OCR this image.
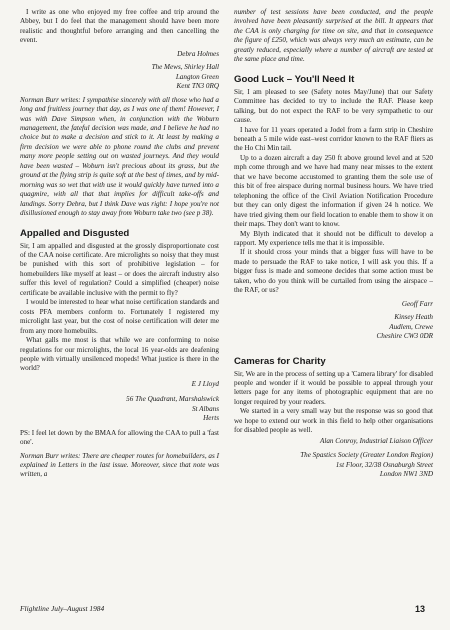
I write as one who enjoyed my free coffee and trip around the Abbey, but I do feel that the management should have been more realistic and thoughtful before arranging and then cancelling the event.

Debra Holmes

The Mews, Shirley Hall

Langton Green

Kent TN3 0RQ

Norman Burr writes: I sympathise sincerely with all those who had a long and fruitless journey that day, as I was one of them! However, I was with Dave Simpson when, in conjunction with the Woburn management, the fateful decision was made, and I believe he had no choice but to make a decision and stick to it. At least by making a firm decision we were able to phone round the clubs and prevent many more people setting out on wasted journeys. And they would have been wasted – Woburn isn't precious about its grass, but the ground at the flying strip is quite soft at the best of times, and by mid-morning was so wet that with use it would quickly have turned into a quagmire, with all that that implies for difficult take-offs and landings. Sorry Debra, but I think Dave was right: I hope you're not disillusioned enough to stay away from Woburn take two (see p 38).

Appalled and Disgusted

Sir, I am appalled and disgusted at the grossly disproportionate cost of the CAA noise certificate. Are microlights so noisy that they must be punished with this sort of prohibitive legislation – for homebuilders like myself at least – or does the aircraft industry also suffer this level of regulation? Could a simplified (cheaper) noise certificate be available inclusive with the permit to fly?

I would be interested to hear what noise certification standards and costs PFA members conform to. Fortunately I registered my microlight last year, but the cost of noise certification will deter me from any more homebuilts.

What galls me most is that while we are conforming to noise regulations for our microlights, the local 16 year-olds are deafening people with virtually unsilenced mopeds! What justice is there in the world?

E J Lloyd

56 The Quadrant, Marshalswick

St Albans

Herts

PS: I feel let down by the BMAA for allowing the CAA to pull a 'fast one'.

Norman Burr writes: There are cheaper routes for homebuilders, as I explained in Letters in the last issue. Moreover, since that note was written, a

number of test sessions have been conducted, and the people involved have been pleasantly surprised at the bill. It appears that the CAA is only charging for time on site, and that in consequence the figure of £250, which was always very much an estimate, can be greatly reduced, especially where a number of aircraft are tested at the same place and time.

Good Luck – You'll Need It

Sir, I am pleased to see (Safety notes May/June) that our Safety Committee has decided to try to include the RAF. Please keep talking, but do not expect the RAF to be very sympathetic to our cause.

I have for 11 years operated a Jodel from a farm strip in Cheshire beneath a 5 mile wide east–west corridor known to the RAF fliers as the Ho Chi Min tail.

Up to a dozen aircraft a day 250 ft above ground level and at 520 mph come through and we have had many near misses to the extent that we have become accustomed to granting them the sole use of this bit of free airspace during normal business hours. We have tried telephoning the office of the Civil Aviation Notification Procedure but they can only digest the information if given 24 h notice. We have tried giving them our field location to enable them to show it on their maps. They don't want to know.

My Blyth indicated that it should not be difficult to develop a rapport. My experience tells me that it is impossible.

If it should cross your minds that a bigger fuss will have to be made to persuade the RAF to take notice, I will ask you this. If a bigger fuss is made and someone decides that some action must be taken, who do you think will be curtailed from using the airspace – the RAF, or us?

Geoff Farr

Kinsey Heath

Audlem, Crewe

Cheshire CW3 0DR

Cameras for Charity

Sir, We are in the process of setting up a 'Camera library' for disabled people and wonder if it would be possible to appeal through your letters page for any items of photographic equipment that are no longer required by your readers.

We started in a very small way but the response was so good that we hope to extend our work in this field to help other organisations for disabled people as well.

Alan Conroy, Industrial Liaison Officer

The Spastics Society (Greater London Region)

1st Floor, 32/38 Osnaburgh Street

London NW1 3ND

Flightline July–August 1984	13
